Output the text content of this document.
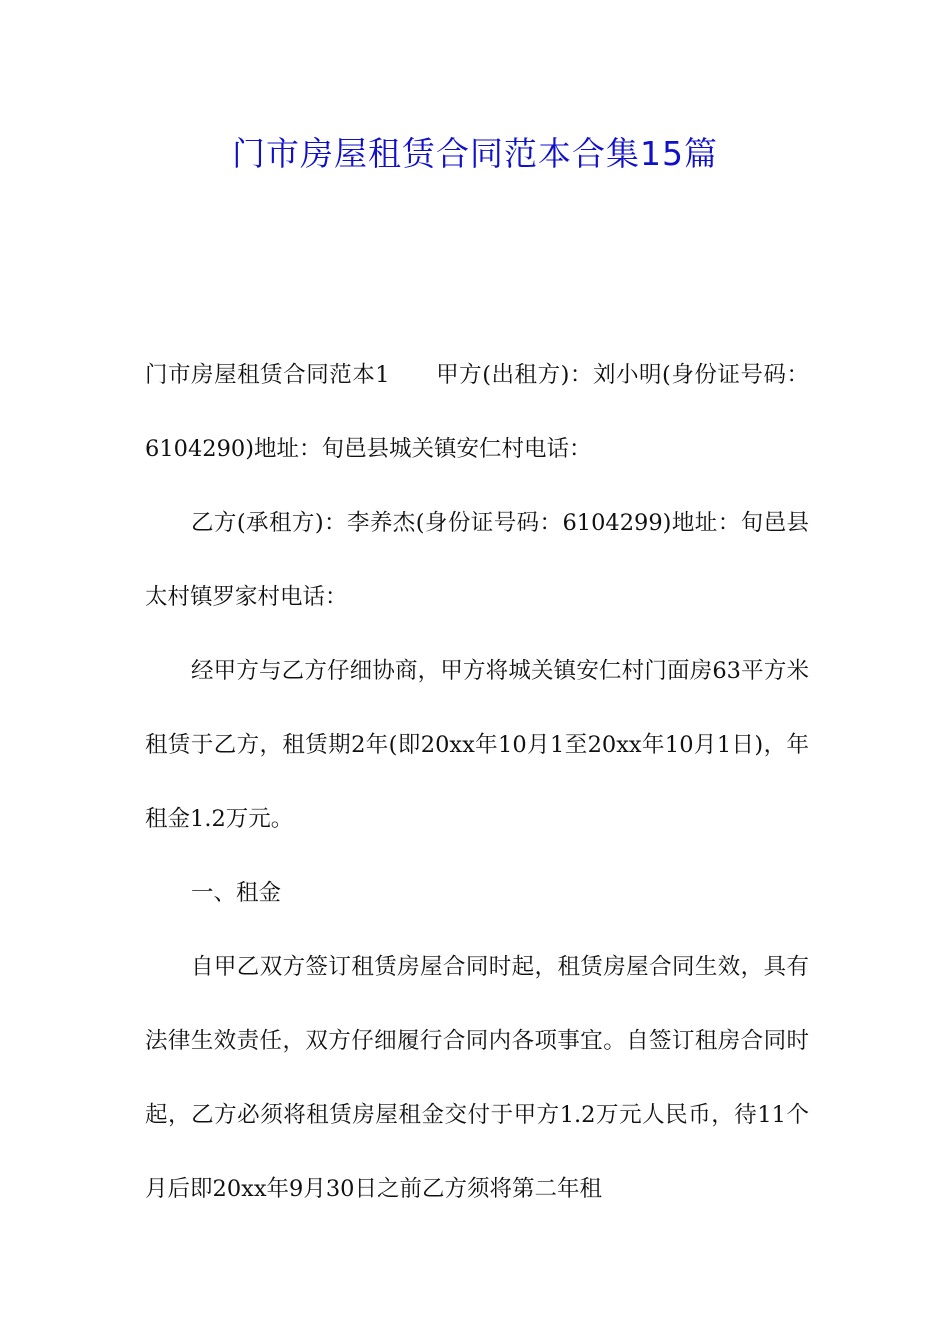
门市房屋租赁合同范本合集15篇

门市房屋租赁合同范本1 甲方(出租方)：刘小明(身份证号码：6104290)地址：旬邑县城关镇安仁村电话：

乙方(承租方)：李养杰(身份证号码：6104299)地址：旬邑县太村镇罗家村电话：

经甲方与乙方仔细协商，甲方将城关镇安仁村门面房63平方米租赁于乙方，租赁期2年(即20xx年10月1至20xx年10月1日)，年租金1.2万元。

一、租金

自甲乙双方签订租赁房屋合同时起，租赁房屋合同生效，具有法律生效责任，双方仔细履行合同内各项事宜。自签订租房合同时起，乙方必须将租赁房屋租金交付于甲方1.2万元人民币，待11个月后即20xx年9月30日之前乙方须将第二年租
